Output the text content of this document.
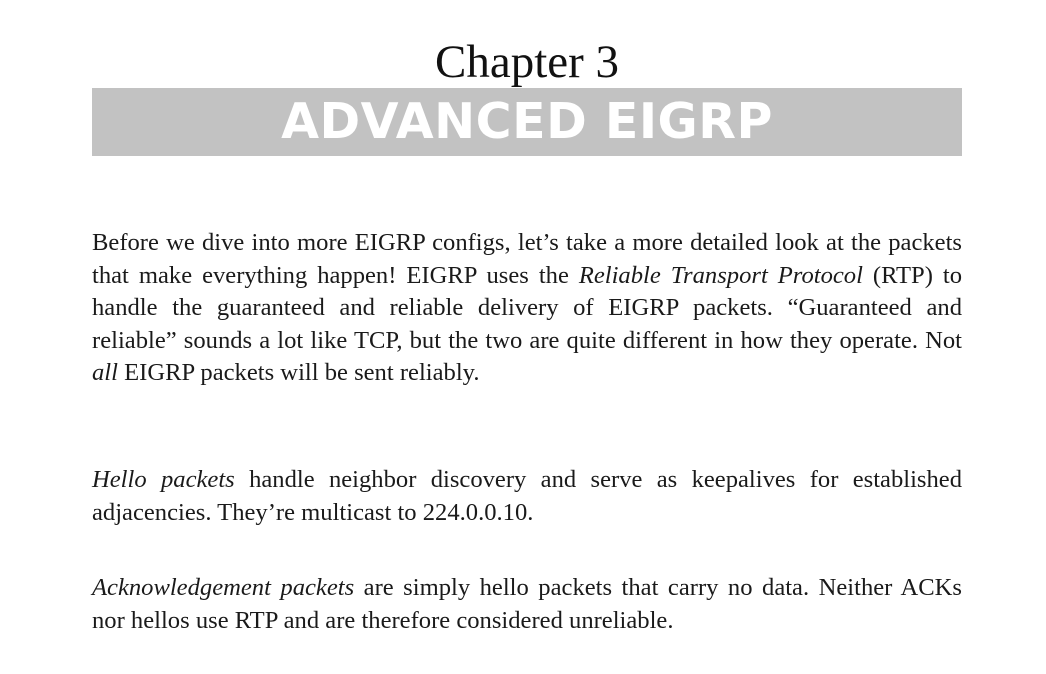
Chapter 3
ADVANCED EIGRP

Before we dive into more EIGRP configs, let’s take a more detailed look at the packets that make everything happen! EIGRP uses the Reliable Transport Protocol (RTP) to handle the guaranteed and reliable delivery of EIGRP packets. “Guaranteed and reliable” sounds a lot like TCP, but the two are quite different in how they operate. Not all EIGRP packets will be sent reliably.

Hello packets handle neighbor discovery and serve as keepalives for established adjacencies. They’re multicast to 224.0.0.10.

Acknowledgement packets are simply hello packets that carry no data. Neither ACKs nor hellos use RTP and are therefore considered unreliable.
